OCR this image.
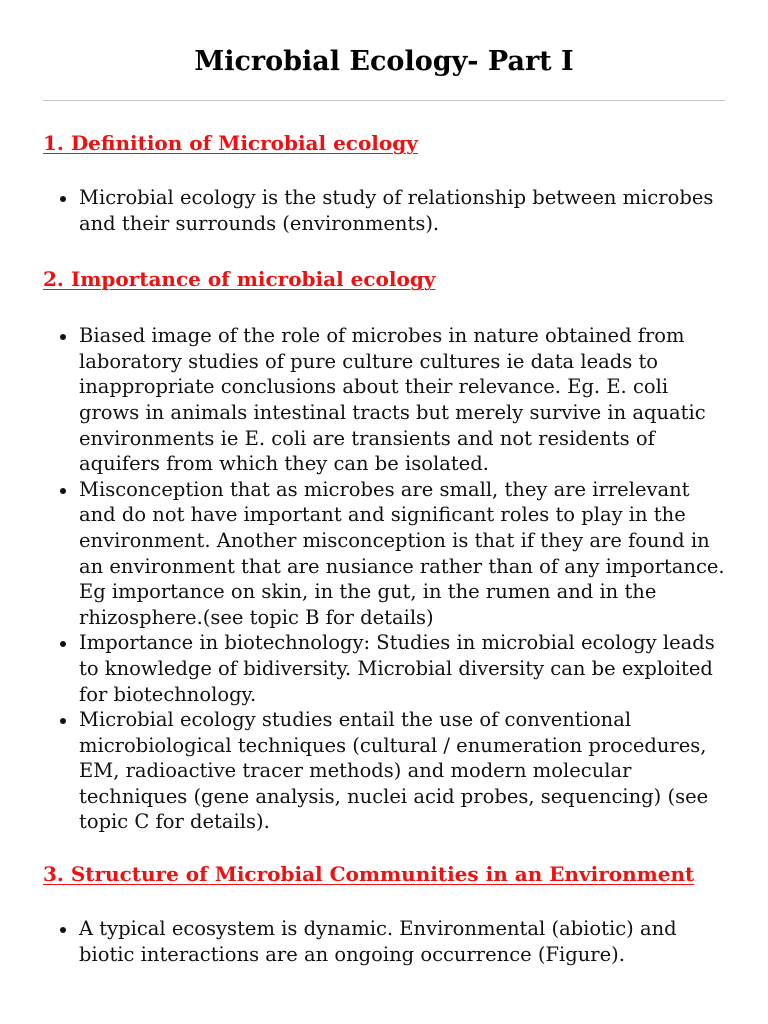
Microbial Ecology- Part I
1. Definition of Microbial ecology
Microbial ecology is the study of relationship between microbes and their surrounds (environments).
2. Importance of microbial ecology
Biased image of the role of microbes in nature obtained from laboratory studies of pure culture cultures ie data leads to inappropriate conclusions about their relevance. Eg. E. coli grows in animals intestinal tracts but merely survive in aquatic environments ie E. coli are transients and not residents of aquifers from which they can be isolated.
Misconception that as microbes are small, they are irrelevant and do not have important and significant roles to play in the environment. Another misconception is that if they are found in an environment that are nusiance rather than of any importance. Eg importance on skin, in the gut, in the rumen and in the rhizosphere.(see topic B for details)
Importance in biotechnology: Studies in microbial ecology leads to knowledge of bidiversity. Microbial diversity can be exploited for biotechnology.
Microbial ecology studies entail the use of conventional microbiological techniques (cultural / enumeration procedures, EM, radioactive tracer methods) and modern molecular techniques (gene analysis, nuclei acid probes, sequencing) (see topic C for details).
3. Structure of Microbial Communities in an Environment
A typical ecosystem is dynamic. Environmental (abiotic) and biotic interactions are an ongoing occurrence (Figure).
